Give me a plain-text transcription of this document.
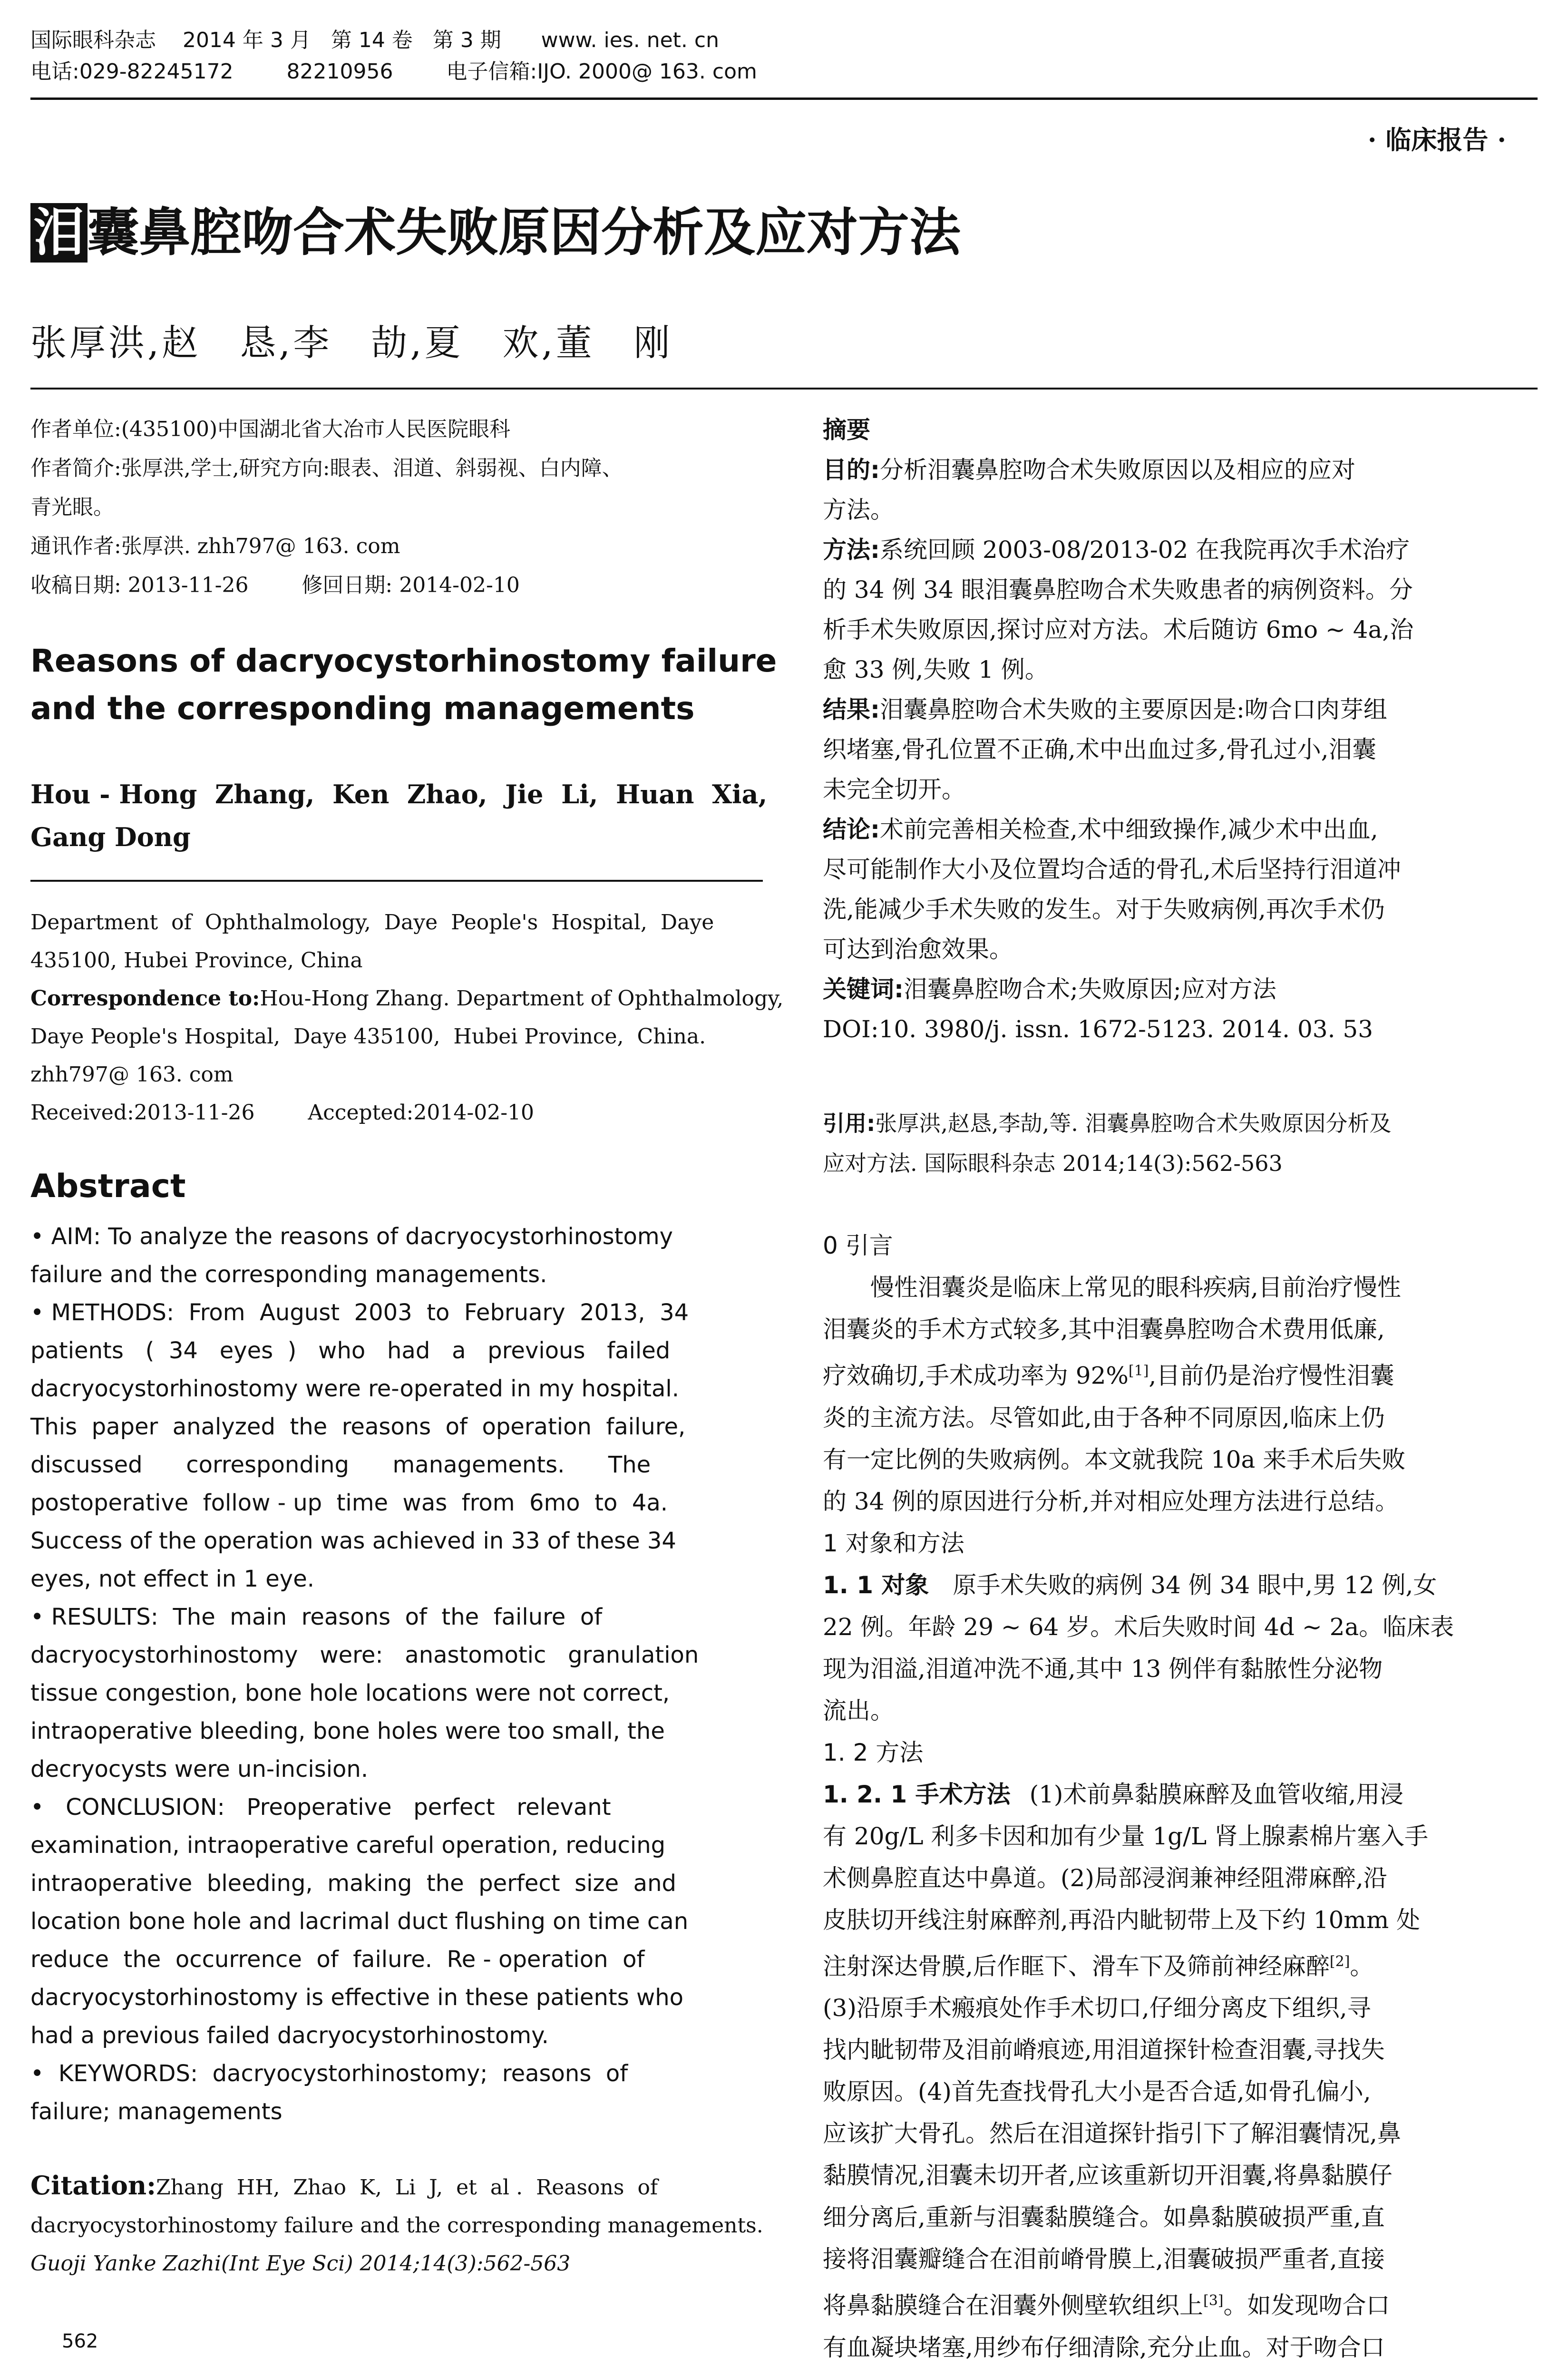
国际眼科杂志    2014 年 3 月   第 14 卷   第 3 期      www. ies. net. cn
电话:029-82245172        82210956        电子信箱:IJO. 2000@ 163. com
· 临床报告 ·
泪囊鼻腔吻合术失败原因分析及应对方法
张厚洪,赵　恳,李　劼,夏　欢,董　刚
作者单位:(435100)中国湖北省大冶市人民医院眼科
作者简介:张厚洪,学士,研究方向:眼表、泪道、斜弱视、白内障、
青光眼。
通讯作者:张厚洪. zhh797@ 163. com
收稿日期: 2013-11-26        修回日期: 2014-02-10
Reasons of dacryocystorhinostomy failure
and the corresponding managements
Hou - Hong  Zhang,  Ken  Zhao,  Jie  Li,  Huan  Xia,
Gang Dong
Department  of  Ophthalmology,  Daye  People's  Hospital,  Daye
435100, Hubei Province, China
Correspondence to:Hou-Hong Zhang. Department of Ophthalmology,
Daye People's Hospital,  Daye 435100,  Hubei Province,  China.
zhh797@ 163. com
Received:2013-11-26        Accepted:2014-02-10
Abstract
• AIM: To analyze the reasons of dacryocystorhinostomy
failure and the corresponding managements.
• METHODS:  From  August  2003  to  February  2013,  34
patients   (  34   eyes  )   who   had   a   previous   failed
dacryocystorhinostomy were re-operated in my hospital.
This  paper  analyzed  the  reasons  of  operation  failure,
discussed      corresponding      managements.      The
postoperative  follow - up  time  was  from  6mo  to  4a.
Success of the operation was achieved in 33 of these 34
eyes, not effect in 1 eye.
• RESULTS:  The  main  reasons  of  the  failure  of
dacryocystorhinostomy   were:   anastomotic   granulation
tissue congestion, bone hole locations were not correct,
intraoperative bleeding, bone holes were too small, the
decryocysts were un-incision.
•   CONCLUSION:   Preoperative   perfect   relevant
examination, intraoperative careful operation, reducing
intraoperative  bleeding,  making  the  perfect  size  and
location bone hole and lacrimal duct flushing on time can
reduce  the  occurrence  of  failure.  Re - operation  of
dacryocystorhinostomy is effective in these patients who
had a previous failed dacryocystorhinostomy.
•  KEYWORDS:  dacryocystorhinostomy;  reasons  of
failure; managements
Citation:Zhang  HH,  Zhao  K,  Li  J,  et  al .  Reasons  of
dacryocystorhinostomy failure and the corresponding managements.
Guoji Yanke Zazhi(Int Eye Sci) 2014;14(3):562-563
562
摘要
目的:分析泪囊鼻腔吻合术失败原因以及相应的应对
方法。
方法:系统回顾 2003-08/2013-02 在我院再次手术治疗
的 34 例 34 眼泪囊鼻腔吻合术失败患者的病例资料。分
析手术失败原因,探讨应对方法。术后随访 6mo ~ 4a,治
愈 33 例,失败 1 例。
结果:泪囊鼻腔吻合术失败的主要原因是:吻合口肉芽组
织堵塞,骨孔位置不正确,术中出血过多,骨孔过小,泪囊
未完全切开。
结论:术前完善相关检查,术中细致操作,减少术中出血,
尽可能制作大小及位置均合适的骨孔,术后坚持行泪道冲
洗,能减少手术失败的发生。对于失败病例,再次手术仍
可达到治愈效果。
关键词:泪囊鼻腔吻合术;失败原因;应对方法
DOI:10. 3980/j. issn. 1672-5123. 2014. 03. 53
引用:张厚洪,赵恳,李劼,等. 泪囊鼻腔吻合术失败原因分析及
应对方法. 国际眼科杂志 2014;14(3):562-563
0 引言
慢性泪囊炎是临床上常见的眼科疾病,目前治疗慢性
泪囊炎的手术方式较多,其中泪囊鼻腔吻合术费用低廉,
疗效确切,手术成功率为 92%[1],目前仍是治疗慢性泪囊
炎的主流方法。尽管如此,由于各种不同原因,临床上仍
有一定比例的失败病例。本文就我院 10a 来手术后失败
的 34 例的原因进行分析,并对相应处理方法进行总结。
1 对象和方法
1. 1 对象 原手术失败的病例 34 例 34 眼中,男 12 例,女
22 例。年龄 29 ~ 64 岁。术后失败时间 4d ~ 2a。临床表
现为泪溢,泪道冲洗不通,其中 13 例伴有黏脓性分泌物
流出。
1. 2 方法
1. 2. 1 手术方法 (1)术前鼻黏膜麻醉及血管收缩,用浸
有 20g/L 利多卡因和加有少量 1g/L 肾上腺素棉片塞入手
术侧鼻腔直达中鼻道。(2)局部浸润兼神经阻滞麻醉,沿
皮肤切开线注射麻醉剂,再沿内眦韧带上及下约 10mm 处
注射深达骨膜,后作眶下、滑车下及筛前神经麻醉[2]。
(3)沿原手术瘢痕处作手术切口,仔细分离皮下组织,寻
找内眦韧带及泪前嵴痕迹,用泪道探针检查泪囊,寻找失
败原因。(4)首先查找骨孔大小是否合适,如骨孔偏小,
应该扩大骨孔。然后在泪道探针指引下了解泪囊情况,鼻
黏膜情况,泪囊未切开者,应该重新切开泪囊,将鼻黏膜仔
细分离后,重新与泪囊黏膜缝合。如鼻黏膜破损严重,直
接将泪囊瓣缝合在泪前嵴骨膜上,泪囊破损严重者,直接
将鼻黏膜缝合在泪囊外侧壁软组织上[3]。如发现吻合口
有血凝块堵塞,用纱布仔细清除,充分止血。对于吻合口
